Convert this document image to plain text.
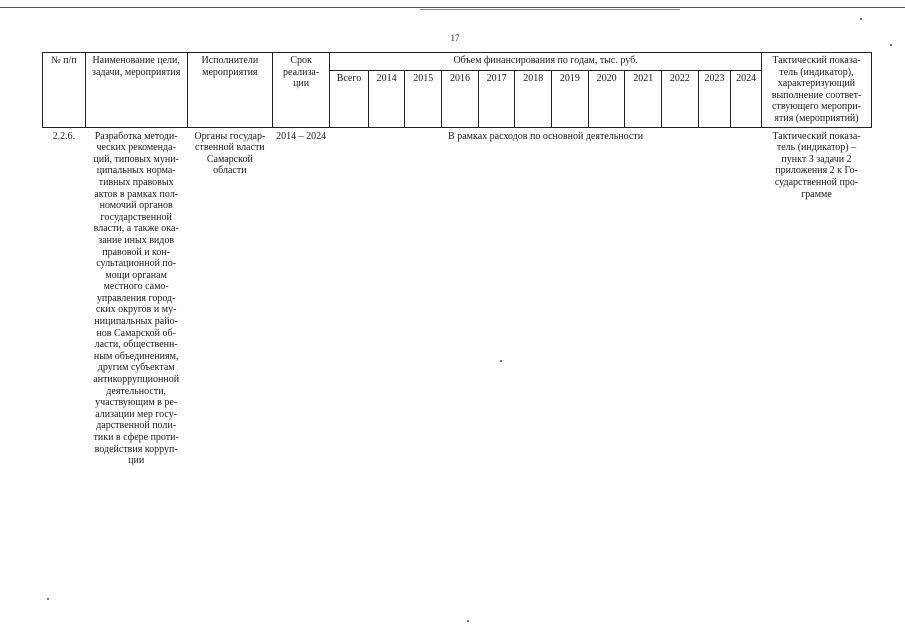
17
№ п/п	Наименование цели, задачи, мероприятия	Исполнители мероприятия	Срок реализа-ции	Объем финансирования по годам, тыс. руб.												Тактический показа-тель (индикатор), характеризующий выполнение соответ-ствующего меропри-ятия (мероприятий)
				Всего	2014	2015	2016	2017	2018	2019	2020	2021	2022	2023	2024	
2.2.6.	Разработка методи-ческих рекоменда-ций, типовых муни-ципальных норма-тивных правовых актов в рамках пол-номочий органов государственной власти, а также ока-зание иных видов правовой и кон-сультационной по-мощи органам местного само-управления город-ских округов и му-ниципальных райо-нов Самарской об-ласти, общественн-ным объединениям, другим субъектам антикоррупционной деятельности, участвующим в ре-ализации мер госу-дарственной поли-тики в сфере проти-водействия корруп-ции	Органы государ-ственной власти Самарской области	2014 – 2024	В рамках расходов по основной деятельности												Тактический показа-тель (индикатор) – пункт 3 задачи 2 приложения 2 к Го-сударственной про-грамме
